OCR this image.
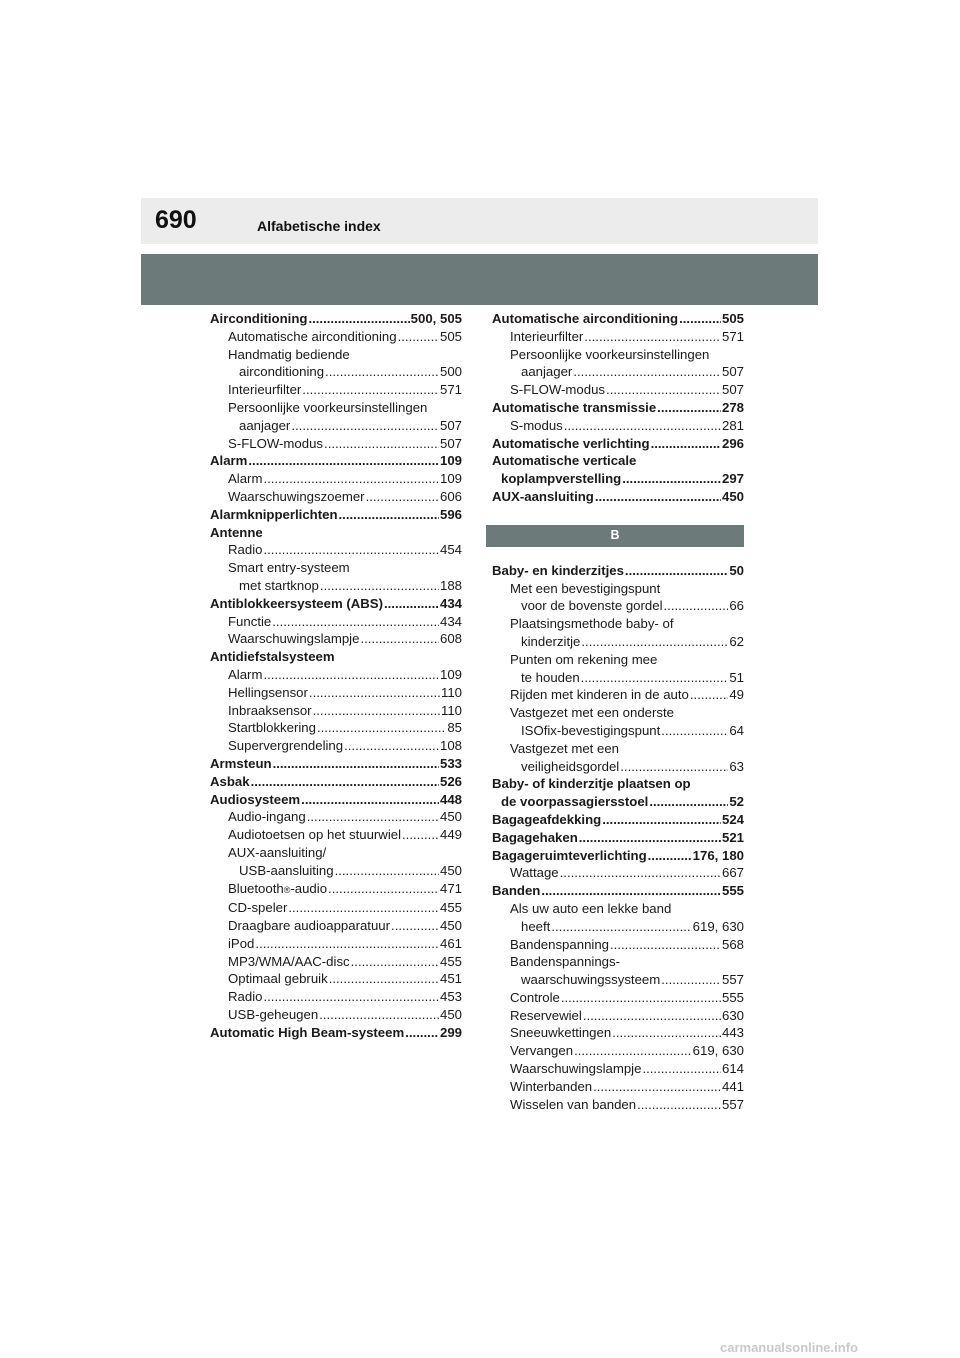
690	Alfabetische index
Airconditioning .....	500, 505
Automatische airconditioning .....	505
Handmatig bediende
airconditioning .....	500
Interieurfilter .....	571
Persoonlijke voorkeursinstellingen
aanjager .....	507
S-FLOW-modus .....	507
Alarm .....	109
Alarm .....	109
Waarschuwingszoemer .....	606
Alarmknipperlichten .....	596
Antenne
Radio .....	454
Smart entry-systeem
met startknop .....	188
Antiblokkeersysteem (ABS) .....	434
Functie .....	434
Waarschuwingslampje .....	608
Antidiefstalsysteem
Alarm .....	109
Hellingsensor .....	110
Inbraaksensor .....	110
Startblokkering .....	85
Supervergrendeling .....	108
Armsteun .....	533
Asbak .....	526
Audiosysteem .....	448
Audio-ingang .....	450
Audiotoetsen op het stuurwiel .....	449
AUX-aansluiting/
USB-aansluiting .....	450
Bluetooth ® -audio .....	471
CD-speler .....	455
Draagbare audioapparatuur .....	450
iPod .....	461
MP3/WMA/AAC-disc .....	455
Optimaal gebruik .....	451
Radio .....	453
USB-geheugen .....	450
Automatic High Beam-systeem .....	299
Automatische airconditioning .....	505
Interieurfilter .....	571
Persoonlijke voorkeursinstellingen
aanjager .....	507
S-FLOW-modus .....	507
Automatische transmissie .....	278
S-modus .....	281
Automatische verlichting .....	296
Automatische verticale
koplampverstelling .....	297
AUX-aansluiting .....	450
B
Baby- en kinderzitjes .....	50
Met een bevestigingspunt
voor de bovenste gordel .....	66
Plaatsingsmethode baby- of
kinderzitje .....	62
Punten om rekening mee
te houden .....	51
Rijden met kinderen in de auto .....	49
Vastgezet met een onderste
ISOfix-bevestigingspunt .....	64
Vastgezet met een
veiligheidsgordel .....	63
Baby- of kinderzitje plaatsen op
de voorpassagiersstoel .....	52
Bagageafdekking .....	524
Bagagehaken .....	521
Bagageruimteverlichting .....	176, 180
Wattage .....	667
Banden .....	555
Als uw auto een lekke band
heeft .....	619, 630
Bandenspanning .....	568
Bandenspannings-
waarschuwingssysteem .....	557
Controle .....	555
Reservewiel .....	630
Sneeuwkettingen .....	443
Vervangen .....	619, 630
Waarschuwingslampje .....	614
Winterbanden .....	441
Wisselen van banden .....	557
carmanualsonline.info
